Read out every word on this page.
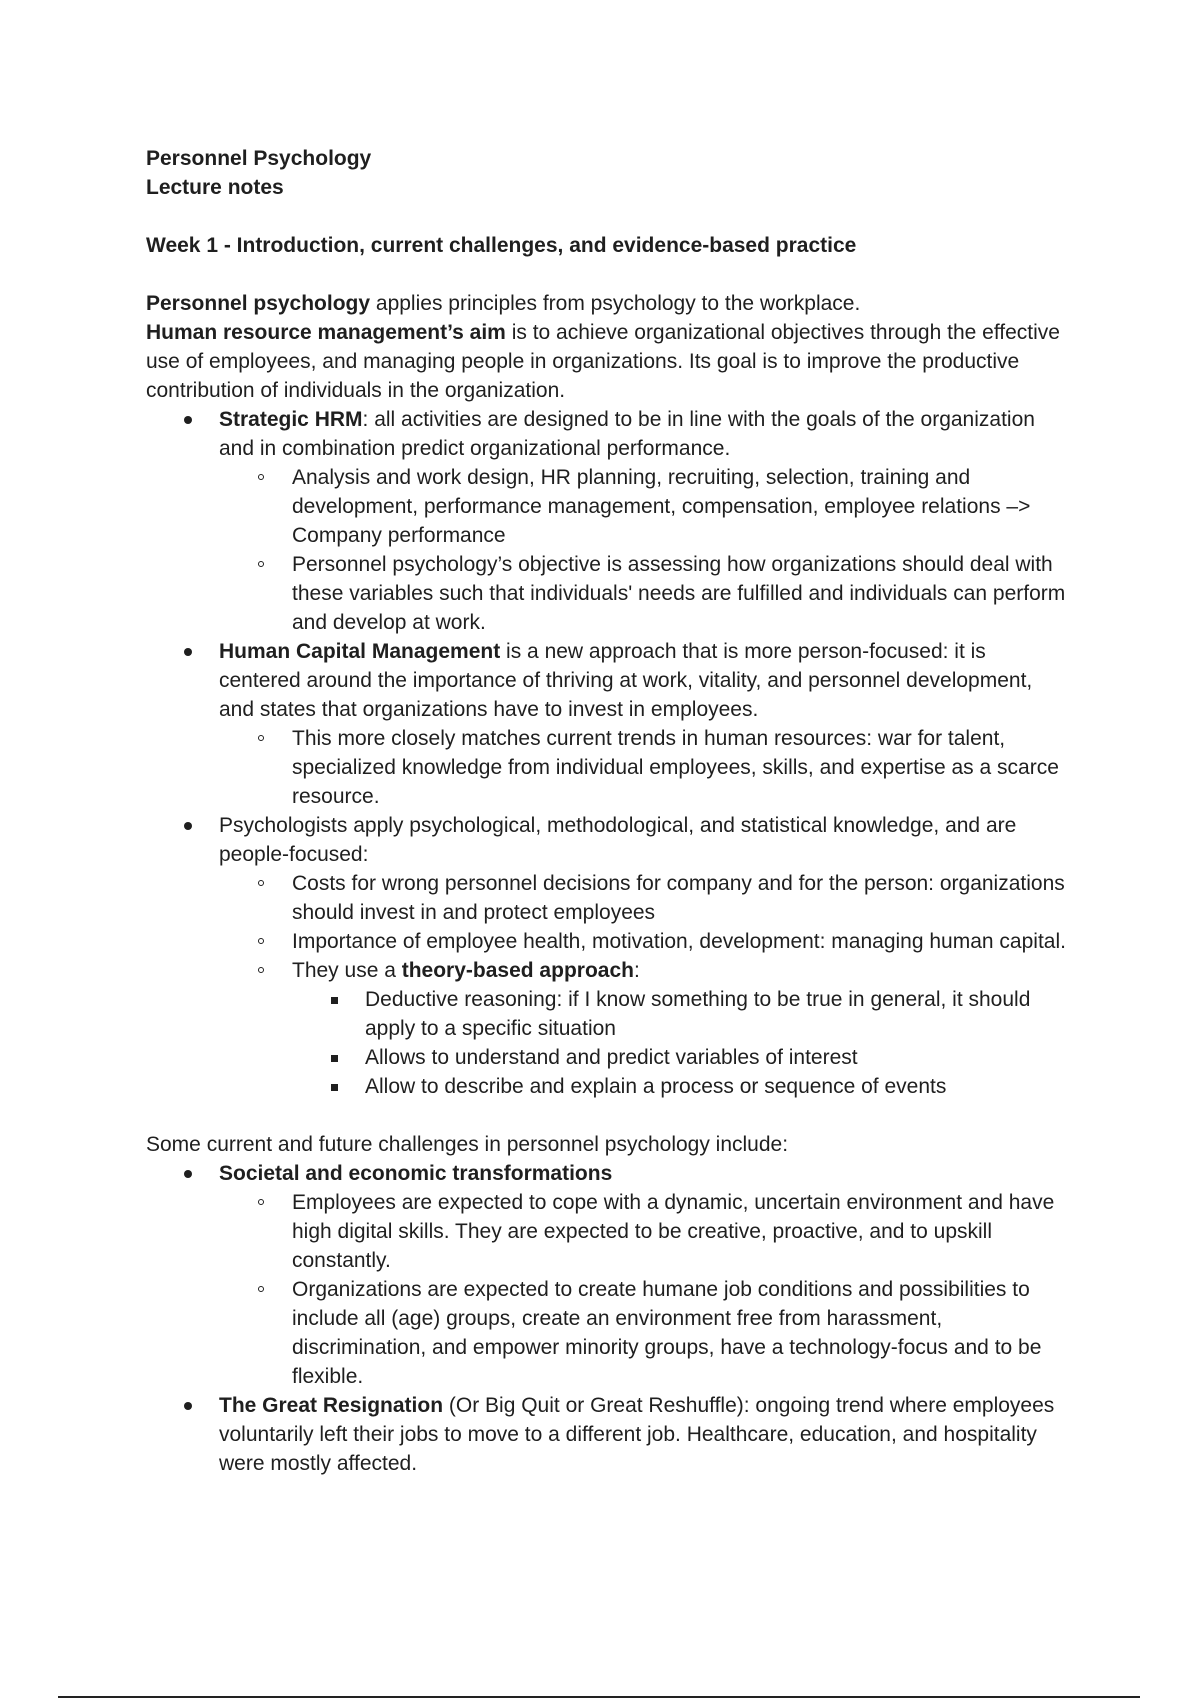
Personnel Psychology
Lecture notes
Week 1 - Introduction, current challenges, and evidence-based practice

Personnel psychology applies principles from psychology to the workplace.

Human resource management’s aim is to achieve organizational objectives through the effective use of employees, and managing people in organizations. Its goal is to improve the productive contribution of individuals in the organization.

Strategic HRM: all activities are designed to be in line with the goals of the organization and in combination predict organizational performance.
Analysis and work design, HR planning, recruiting, selection, training and development, performance management, compensation, employee relations –> Company performance
Personnel psychology’s objective is assessing how organizations should deal with these variables such that individuals' needs are fulfilled and individuals can perform and develop at work.
Human Capital Management is a new approach that is more person-focused: it is centered around the importance of thriving at work, vitality, and personnel development, and states that organizations have to invest in employees.
This more closely matches current trends in human resources: war for talent, specialized knowledge from individual employees, skills, and expertise as a scarce resource.
Psychologists apply psychological, methodological, and statistical knowledge, and are people-focused:
Costs for wrong personnel decisions for company and for the person: organizations should invest in and protect employees
Importance of employee health, motivation, development: managing human capital.
They use a theory-based approach:
Deductive reasoning: if I know something to be true in general, it should apply to a specific situation
Allows to understand and predict variables of interest
Allow to describe and explain a process or sequence of events

Some current and future challenges in personnel psychology include:

Societal and economic transformations
Employees are expected to cope with a dynamic, uncertain environment and have high digital skills. They are expected to be creative, proactive, and to upskill constantly.
Organizations are expected to create humane job conditions and possibilities to include all (age) groups, create an environment free from harassment, discrimination, and empower minority groups, have a technology-focus and to be flexible.
The Great Resignation (Or Big Quit or Great Reshuffle): ongoing trend where employees voluntarily left their jobs to move to a different job. Healthcare, education, and hospitality were mostly affected.
